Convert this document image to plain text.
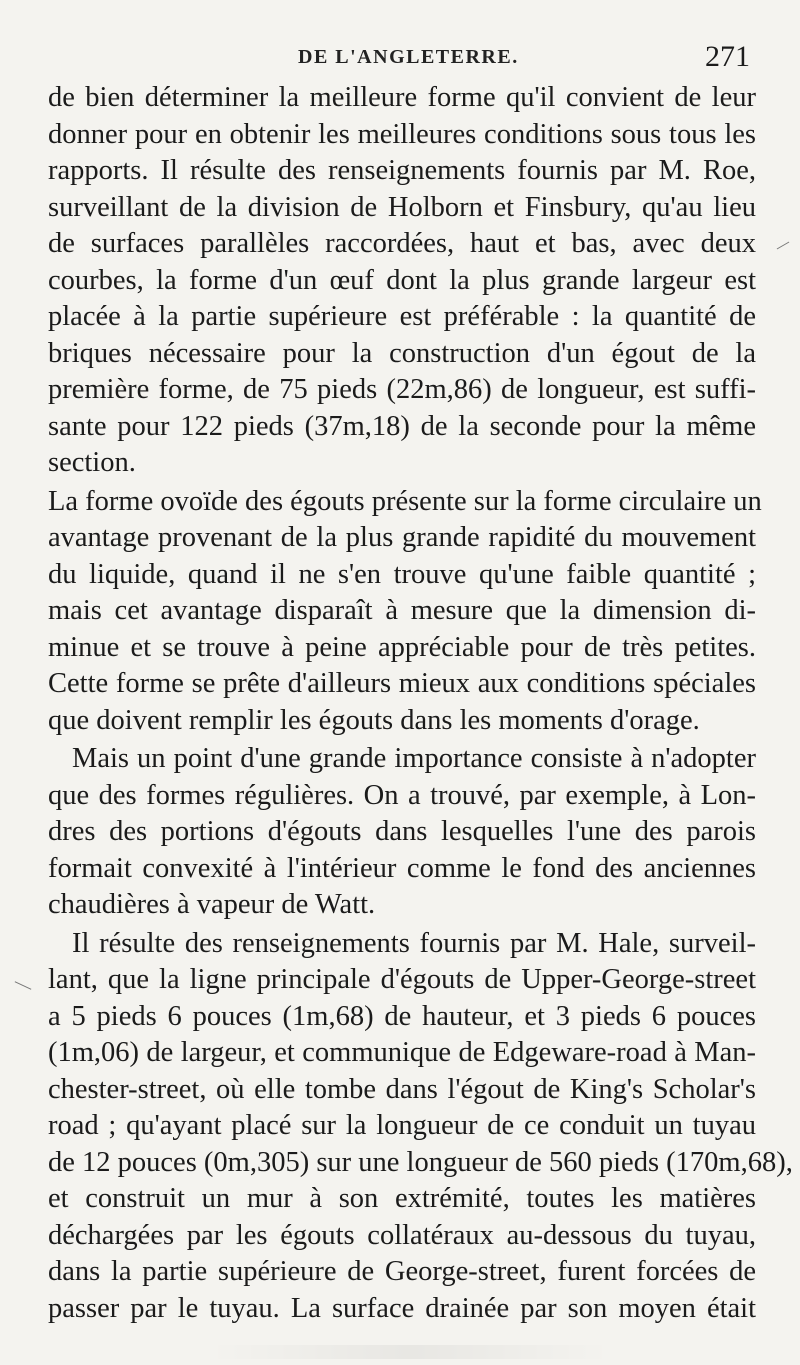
DE L'ANGLETERRE.	271
de bien déterminer la meilleure forme qu'il convient de leur
donner pour en obtenir les meilleures conditions sous tous les
rapports. Il résulte des renseignements fournis par M. Roe,
surveillant de la division de Holborn et Finsbury, qu'au lieu
de surfaces parallèles raccordées, haut et bas, avec deux
courbes, la forme d'un œuf dont la plus grande largeur est
placée à la partie supérieure est préférable : la quantité de
briques nécessaire pour la construction d'un égout de la
première forme, de 75 pieds (22m,86) de longueur, est suffi-
sante pour 122 pieds (37m,18) de la seconde pour la même
section.
La forme ovoïde des égouts présente sur la forme circulaire un
avantage provenant de la plus grande rapidité du mouvement
du liquide, quand il ne s'en trouve qu'une faible quantité ;
mais cet avantage disparaît à mesure que la dimension di-
minue et se trouve à peine appréciable pour de très petites.
Cette forme se prête d'ailleurs mieux aux conditions spéciales
que doivent remplir les égouts dans les moments d'orage.
Mais un point d'une grande importance consiste à n'adopter
que des formes régulières. On a trouvé, par exemple, à Lon-
dres des portions d'égouts dans lesquelles l'une des parois
formait convexité à l'intérieur comme le fond des anciennes
chaudières à vapeur de Watt.
Il résulte des renseignements fournis par M. Hale, surveil-
lant, que la ligne principale d'égouts de Upper-George-street
a 5 pieds 6 pouces (1m,68) de hauteur, et 3 pieds 6 pouces
(1m,06) de largeur, et communique de Edgeware-road à Man-
chester-street, où elle tombe dans l'égout de King's Scholar's
road ; qu'ayant placé sur la longueur de ce conduit un tuyau
de 12 pouces (0m,305) sur une longueur de 560 pieds (170m,68),
et construit un mur à son extrémité, toutes les matières
déchargées par les égouts collatéraux au-dessous du tuyau,
dans la partie supérieure de George-street, furent forcées de
passer par le tuyau. La surface drainée par son moyen était
